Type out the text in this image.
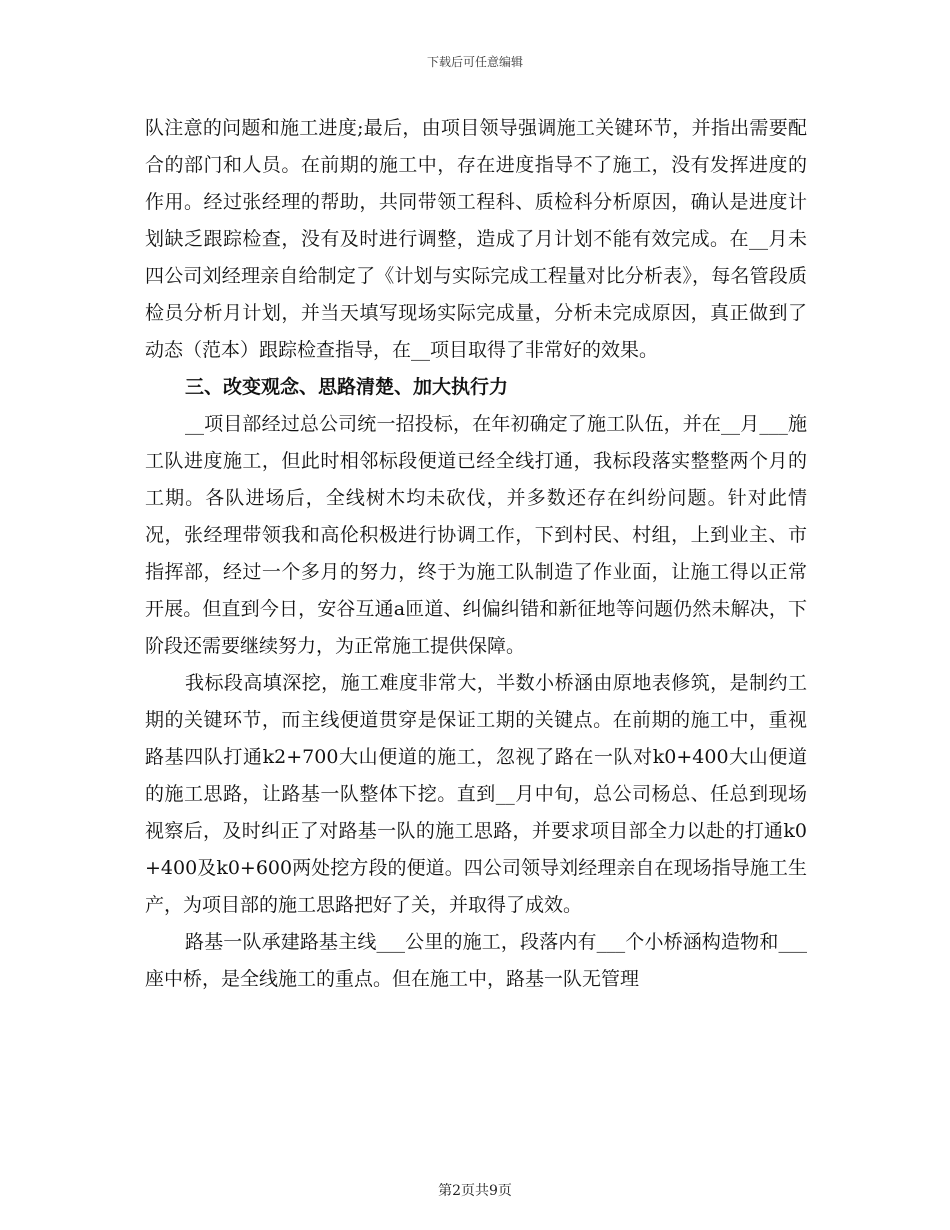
下载后可任意编辑

队注意的问题和施工进度;最后，由项目领导强调施工关键环节，并指出需要配合的部门和人员。在前期的施工中，存在进度指导不了施工，没有发挥进度的作用。经过张经理的帮助，共同带领工程科、质检科分析原因，确认是进度计划缺乏跟踪检查，没有及时进行调整，造成了月计划不能有效完成。在__月未四公司刘经理亲自给制定了《计划与实际完成工程量对比分析表》，每名管段质检员分析月计划，并当天填写现场实际完成量，分析未完成原因，真正做到了动态（范本）跟踪检查指导，在__项目取得了非常好的效果。

三、改变观念、思路清楚、加大执行力

__项目部经过总公司统一招投标，在年初确定了施工队伍，并在__月___施工队进度施工，但此时相邻标段便道已经全线打通，我标段落实整整两个月的工期。各队进场后，全线树木均未砍伐，并多数还存在纠纷问题。针对此情况，张经理带领我和高伦积极进行协调工作，下到村民、村组，上到业主、市指挥部，经过一个多月的努力，终于为施工队制造了作业面，让施工得以正常开展。但直到今日，安谷互通a匝道、纠偏纠错和新征地等问题仍然未解决，下阶段还需要继续努力，为正常施工提供保障。

我标段高填深挖，施工难度非常大，半数小桥涵由原地表修筑，是制约工期的关键环节，而主线便道贯穿是保证工期的关键点。在前期的施工中，重视路基四队打通k2+700大山便道的施工，忽视了路在一队对k0+400大山便道的施工思路，让路基一队整体下挖。直到__月中旬，总公司杨总、任总到现场视察后，及时纠正了对路基一队的施工思路，并要求项目部全力以赴的打通k0+400及k0+600两处挖方段的便道。四公司领导刘经理亲自在现场指导施工生产，为项目部的施工思路把好了关，并取得了成效。

路基一队承建路基主线___公里的施工，段落内有___个小桥涵构造物和___座中桥，是全线施工的重点。但在施工中，路基一队无管理

第2页共9页
